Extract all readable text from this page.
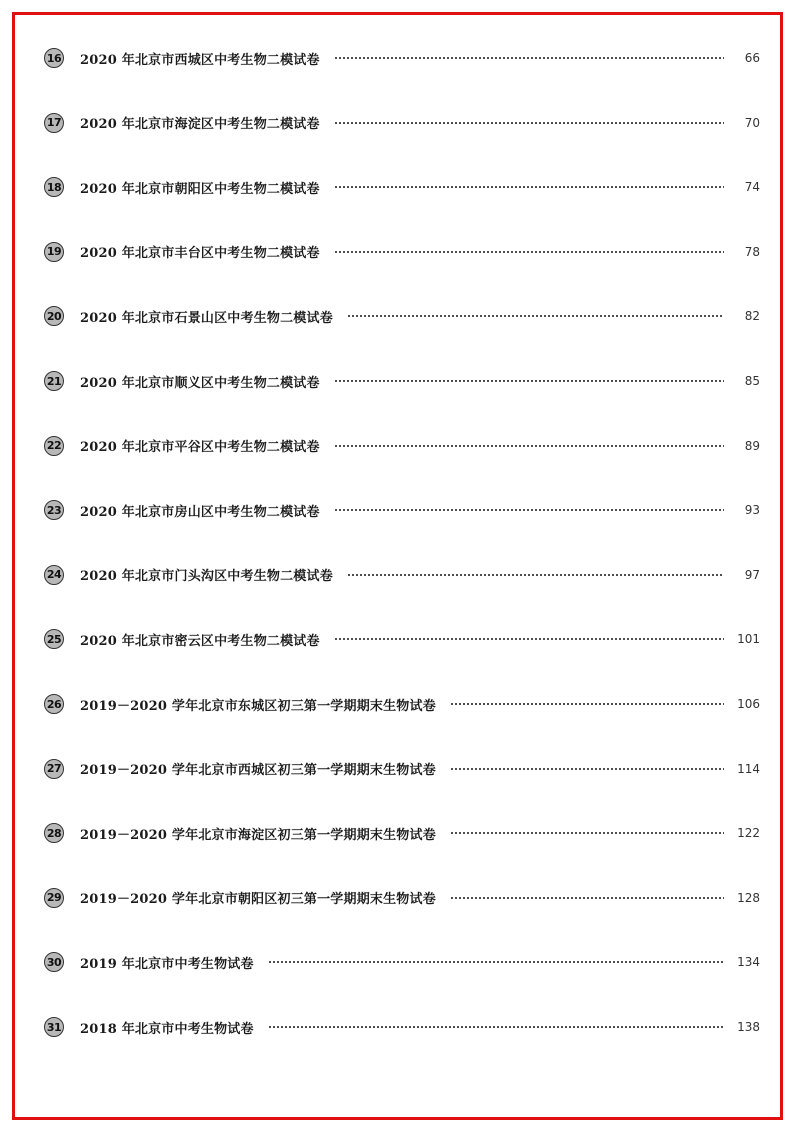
16 2020 年北京市西城区中考生物二模试卷	66
17 2020 年北京市海淀区中考生物二模试卷	70
18 2020 年北京市朝阳区中考生物二模试卷	74
19 2020 年北京市丰台区中考生物二模试卷	78
20 2020 年北京市石景山区中考生物二模试卷	82
21 2020 年北京市顺义区中考生物二模试卷	85
22 2020 年北京市平谷区中考生物二模试卷	89
23 2020 年北京市房山区中考生物二模试卷	93
24 2020 年北京市门头沟区中考生物二模试卷	97
25 2020 年北京市密云区中考生物二模试卷	101
26 2019－2020 学年北京市东城区初三第一学期期末生物试卷	106
27 2019－2020 学年北京市西城区初三第一学期期末生物试卷	114
28 2019－2020 学年北京市海淀区初三第一学期期末生物试卷	122
29 2019－2020 学年北京市朝阳区初三第一学期期末生物试卷	128
30 2019 年北京市中考生物试卷	134
31 2018 年北京市中考生物试卷	138
